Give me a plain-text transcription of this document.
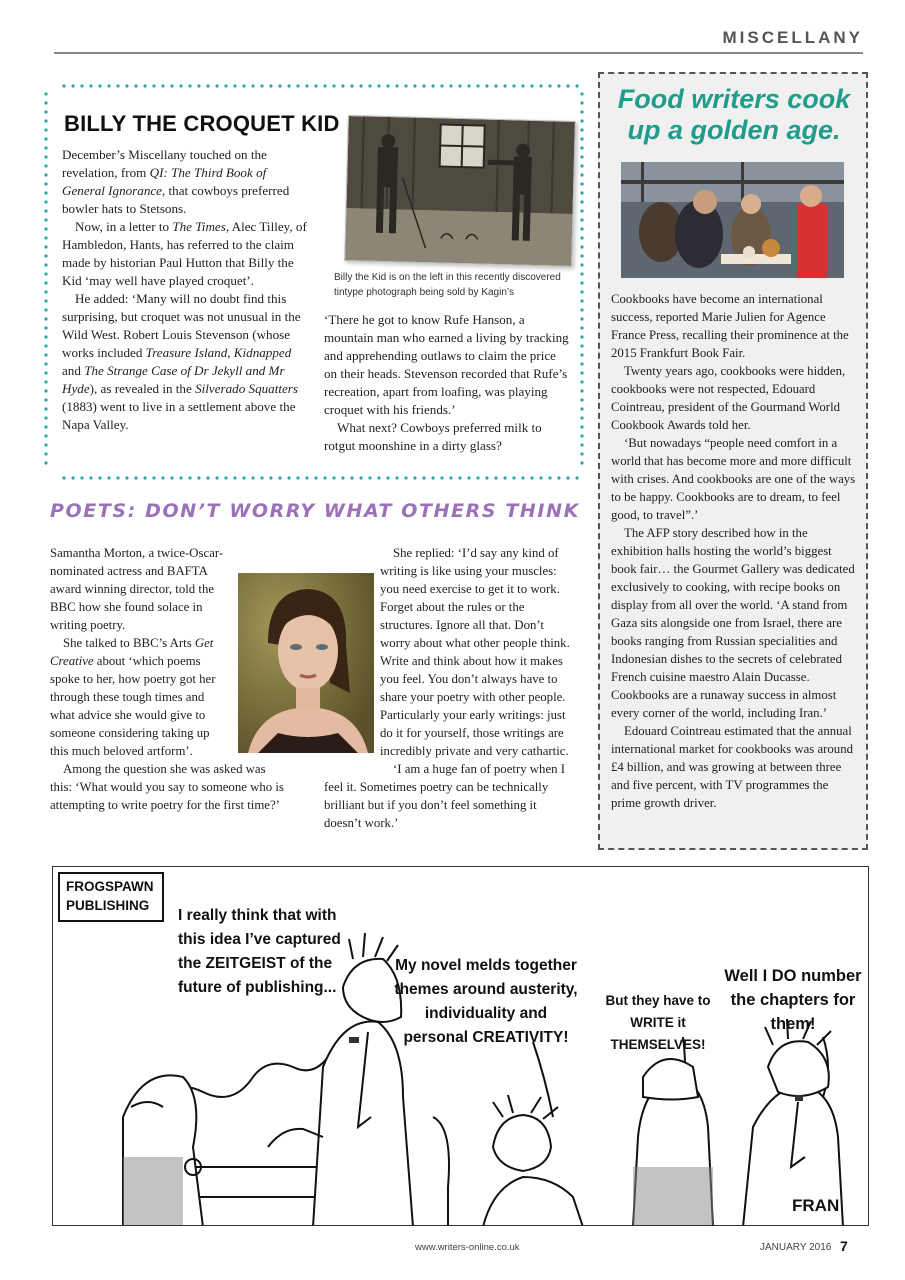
MISCELLANY
BILLY THE CROQUET KID
Billy the Kid is on the left in this recently discovered tintype photograph being sold by Kagin’s

December’s Miscellany touched on the revelation, from QI: The Third Book of General Ignorance, that cowboys preferred bowler hats to Stetsons.

Now, in a letter to The Times, Alec Tilley, of Hambledon, Hants, has referred to the claim made by historian Paul Hutton that Billy the Kid ‘may well have played croquet’.

He added: ‘Many will no doubt find this surprising, but croquet was not unusual in the Wild West. Robert Louis Stevenson (whose works included Treasure Island, Kidnapped and The Strange Case of Dr Jekyll and Mr Hyde), as revealed in the Silverado Squatters (1883) went to live in a settlement above the Napa Valley.

‘There he got to know Rufe Hanson, a mountain man who earned a living by tracking and apprehending outlaws to claim the price on their heads. Stevenson recorded that Rufe’s recreation, apart from loafing, was playing croquet with his friends.’

What next? Cowboys preferred milk to rotgut moonshine in a dirty glass?

POETS: DON’T WORRY WHAT OTHERS THINK

Samantha Morton, a twice-Oscar-nominated actress and BAFTA award winning director, told the BBC how she found solace in writing poetry.

She talked to BBC’s Arts Get Creative about ‘which poems spoke to her, how poetry got her through these tough times and what advice she would give to someone considering taking up this much beloved artform’.

Among the question she was asked was this: ‘What would you say to someone who is attempting to write poetry for the first time?’

She replied: ‘I’d say any kind of writing is like using your muscles: you need exercise to get it to work. Forget about the rules or the structures. Ignore all that. Don’t worry about what other people think. Write and think about how it makes you feel. You don’t always have to share your poetry with other people. Particularly your early writings: just do it for yourself, those writings are incredibly private and very cathartic.

‘I am a huge fan of poetry when I feel it. Sometimes poetry can be technically brilliant but if you don’t feel something it doesn’t work.’

Food writers cook up a golden age.

Cookbooks have become an international success, reported Marie Julien for Agence France Press, recalling their prominence at the 2015 Frankfurt Book Fair.

Twenty years ago, cookbooks were hidden, cookbooks were not respected, Edouard Cointreau, president of the Gourmand World Cookbook Awards told her.

‘But nowadays “people need comfort in a world that has become more and more difficult with crises. And cookbooks are one of the ways to be happy. Cookbooks are to dream, to feel good, to travel”.’

The AFP story described how in the exhibition halls hosting the world’s biggest book fair… the Gourmet Gallery was dedicated exclusively to cooking, with recipe books on display from all over the world. ‘A stand from Gaza sits alongside one from Israel, there are books ranging from Russian specialities and Indonesian dishes to the secrets of celebrated French cuisine maestro Alain Ducasse. Cookbooks are a runaway success in almost every corner of the world, including Iran.’

Edouard Cointreau estimated that the annual international market for cookbooks was around £4 billion, and was growing at between three and five percent, with TV programmes the prime growth driver.

FROGSPAWN PUBLISHING
I really think that with this idea I’ve captured the ZEITGEIST of the future of publishing...
My novel melds together themes around austerity, individuality and personal CREATIVITY!
But they have to WRITE it THEMSELVES!
Well I DO number the chapters for them!
FRAN
www.writers-online.co.uk	JANUARY 2016 7
